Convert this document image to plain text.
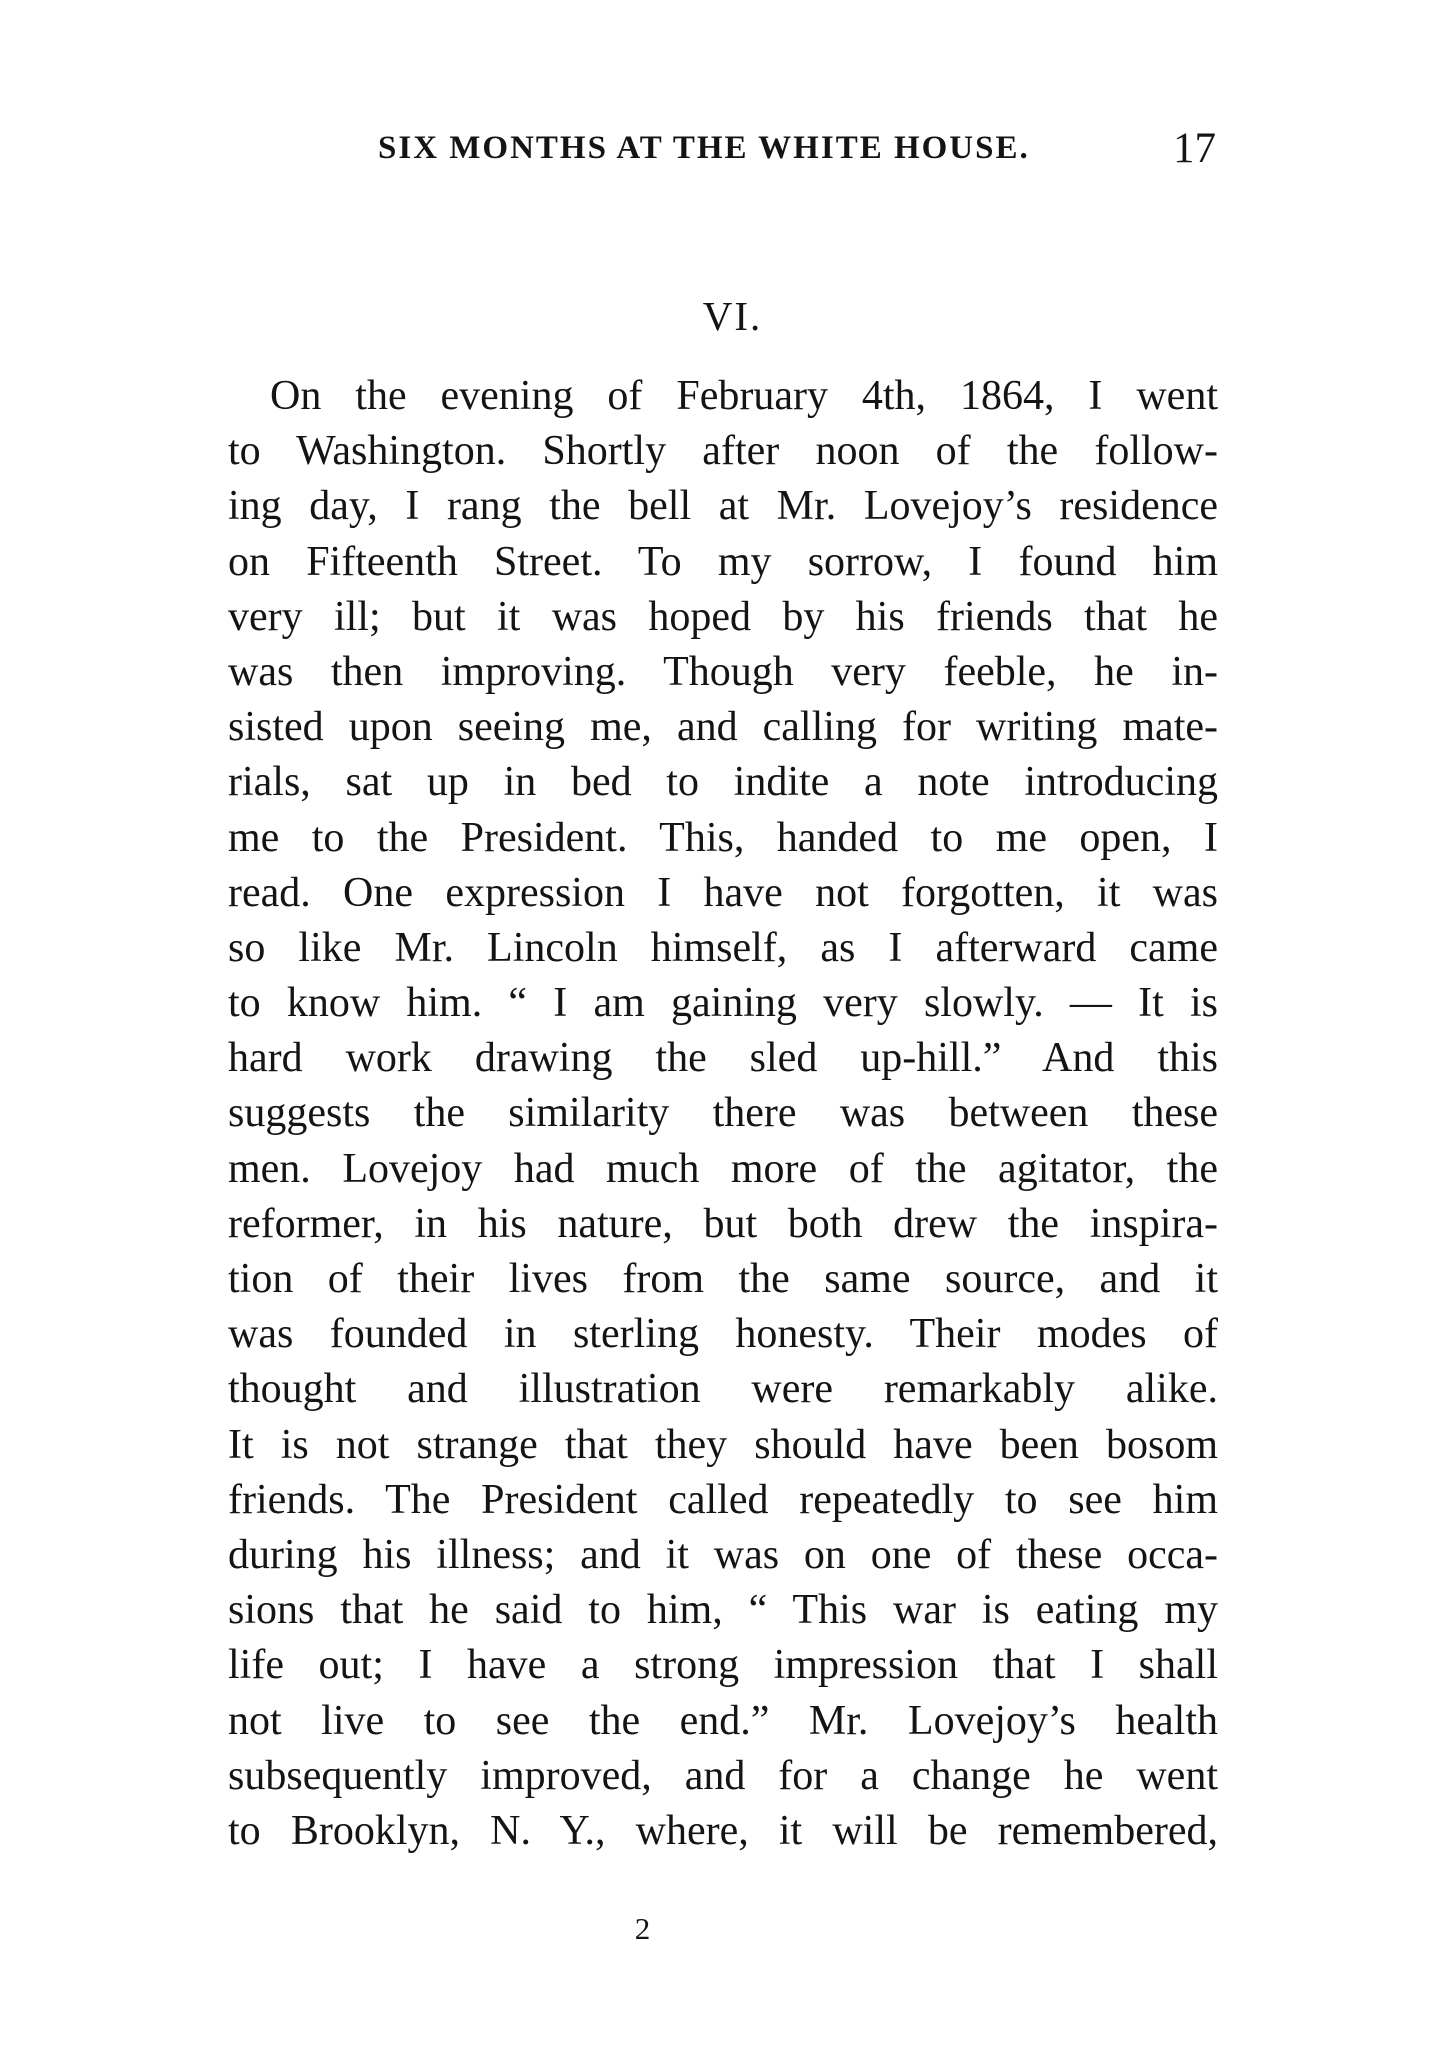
SIX MONTHS AT THE WHITE HOUSE.	17
VI.
On the evening of February 4th, 1864, I went
to Washington. Shortly after noon of the follow-
ing day, I rang the bell at Mr. Lovejoy’s residence
on Fifteenth Street. To my sorrow, I found him
very ill; but it was hoped by his friends that he
was then improving. Though very feeble, he in-
sisted upon seeing me, and calling for writing mate-
rials, sat up in bed to indite a note introducing
me to the President. This, handed to me open, I
read. One expression I have not forgotten, it was
so like Mr. Lincoln himself, as I afterward came
to know him. “ I am gaining very slowly. — It is
hard work drawing the sled up-hill.” And this
suggests the similarity there was between these
men. Lovejoy had much more of the agitator, the
reformer, in his nature, but both drew the inspira-
tion of their lives from the same source, and it
was founded in sterling honesty. Their modes of
thought and illustration were remarkably alike.
It is not strange that they should have been bosom
friends. The President called repeatedly to see him
during his illness; and it was on one of these occa-
sions that he said to him, “ This war is eating my
life out; I have a strong impression that I shall
not live to see the end.” Mr. Lovejoy’s health
subsequently improved, and for a change he went
to Brooklyn, N. Y., where, it will be remembered,
2
